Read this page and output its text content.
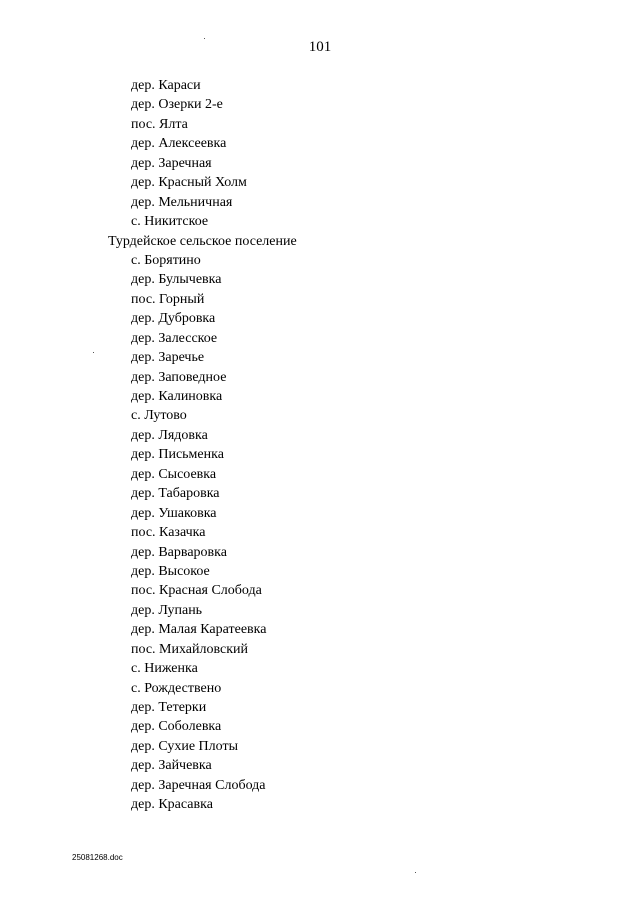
101
дер. Караси
дер. Озерки 2-е
пос. Ялта
дер. Алексеевка
дер. Заречная
дер. Красный Холм
дер. Мельничная
с. Никитское
Турдейское сельское поселение
с. Борятино
дер. Булычевка
пос. Горный
дер. Дубровка
дер. Залесское
дер. Заречье
дер. Заповедное
дер. Калиновка
с. Лутово
дер. Лядовка
дер. Письменка
дер. Сысоевка
дер. Табаровка
дер. Ушаковка
пос. Казачка
дер. Варваровка
дер. Высокое
пос. Красная Слобода
дер. Лупань
дер. Малая Каратеевка
пос. Михайловский
с. Ниженка
с. Рождествено
дер. Тетерки
дер. Соболевка
дер. Сухие Плоты
дер. Зайчевка
дер. Заречная Слобода
дер. Красавка
25081268.doc
